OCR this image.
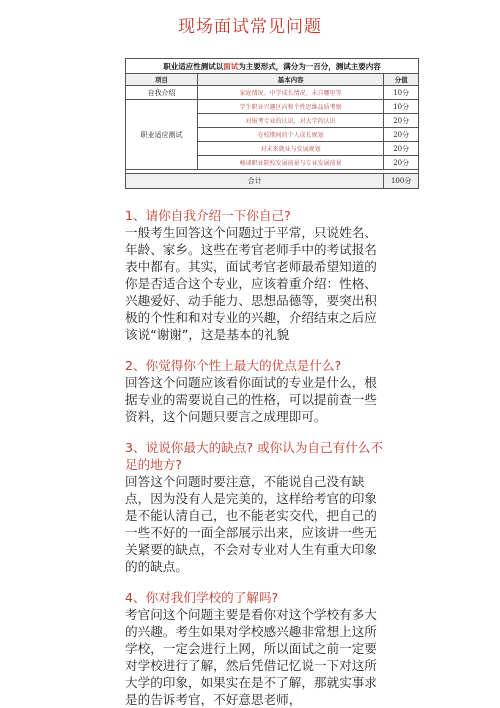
现场面试常见问题
职业适应性测试以面试为主要形式，满分为一百分，测试主要内容		
项目	基本内容	分值
自我介绍	家庭情况、中学成长情况、未自哪里等	10分
职业适应测试	学生职业兴趣区向和个性思维品质考察	10分
	对报考专业的认识，对大学的认识	20分
	在校期间的个人成长规划	20分
	对未来就业与发展规划	20分
	畅谈职业院校发展前景与专业发展前景	20分

合计		100分

1、请你自我介绍一下你自己?

一般考生回答这个问题过于平常，只说姓名、年龄、家乡。这些在考官老师手中的考试报名表中都有。其实，面试考官老师最希望知道的你是否适合这个专业，应该着重介绍：性格、兴趣爱好、动手能力、思想品德等，要突出积极的个性和和对专业的兴趣，介绍结束之后应该说“谢谢”，这是基本的礼貌

2、你觉得你个性上最大的优点是什么?

回答这个问题应该看你面试的专业是什么，根据专业的需要说自己的性格，可以提前查一些资料，这个问题只要言之成理即可。

3、说说你最大的缺点? 或你认为自己有什么不足的地方?

回答这个问题时要注意，不能说自己没有缺点，因为没有人是完美的，这样给考官的印象是不能认清自己，也不能老实交代，把自己的一些不好的一面全部展示出来，应该讲一些无关紧要的缺点，不会对专业对人生有重大印象的的缺点。

4、你对我们学校的了解吗?

考官问这个问题主要是看你对这个学校有多大的兴趣。考生如果对学校感兴趣非常想上这所学校，一定会进行上网，所以面试之前一定要对学校进行了解，然后凭借记忆说一下对这所大学的印象，如果实在是不了解，那就实事求是的告诉考官，不好意思老师，
